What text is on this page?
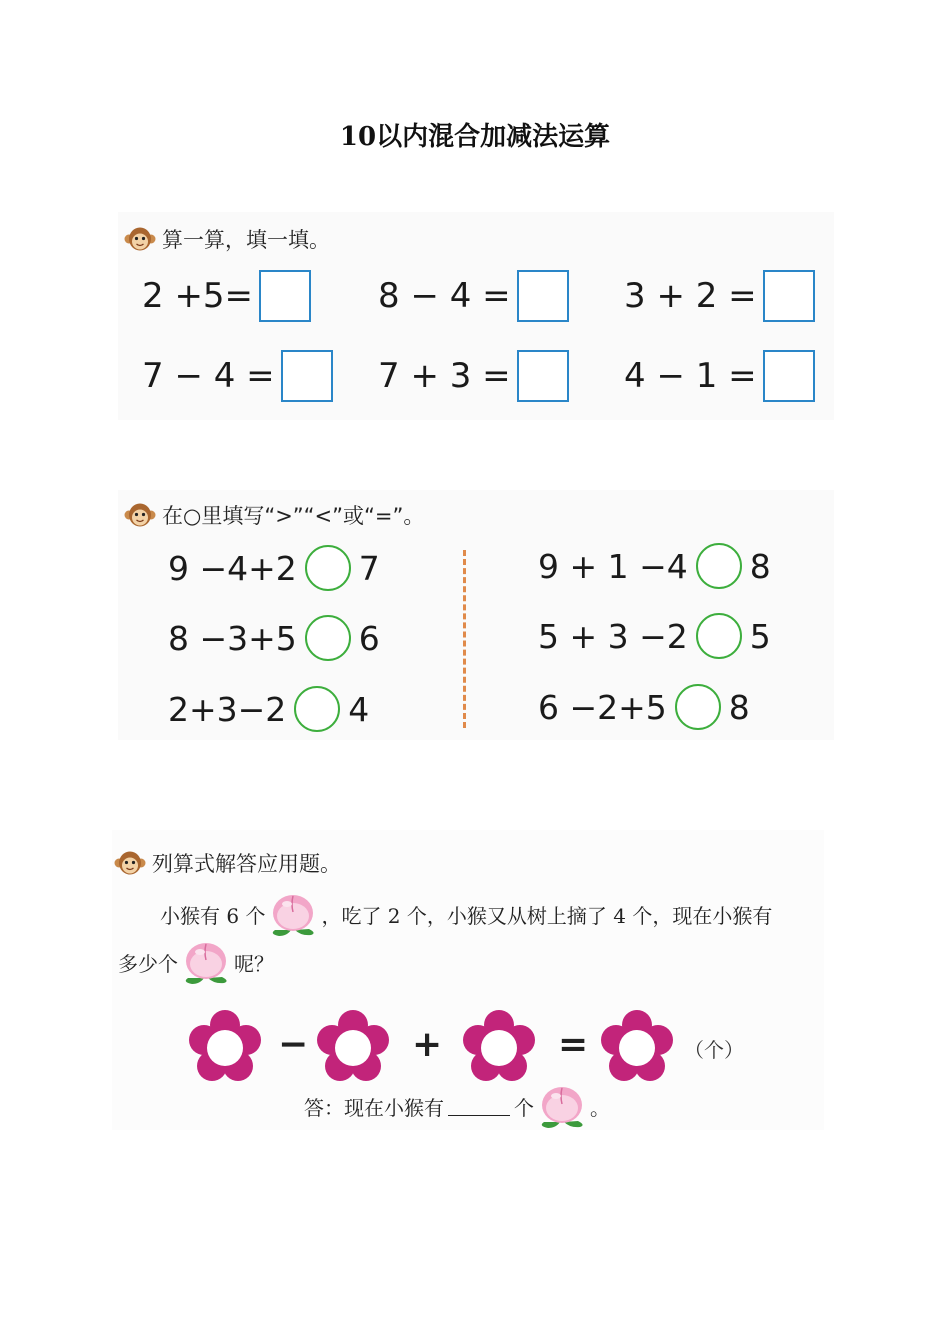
10以内混合加减法运算
算一算，填一填。
2 +5=	8 − 4 =	3 + 2 =
7 − 4 =	7 + 3 =	4 − 1 =
在○里填写“>”“<”或“=”。
9 −4+2 7
8 −3+5 6
2+3−2 4
9 + 1 −4 8
5 + 3 −2 5
6 −2+5 8
列算式解答应用题。
小猴有 6 个	，吃了 2 个，小猴又从树上摘了 4 个，现在小猴有
多少个	呢？
−	+	=	（个）
答：现在小猴有	个	。
